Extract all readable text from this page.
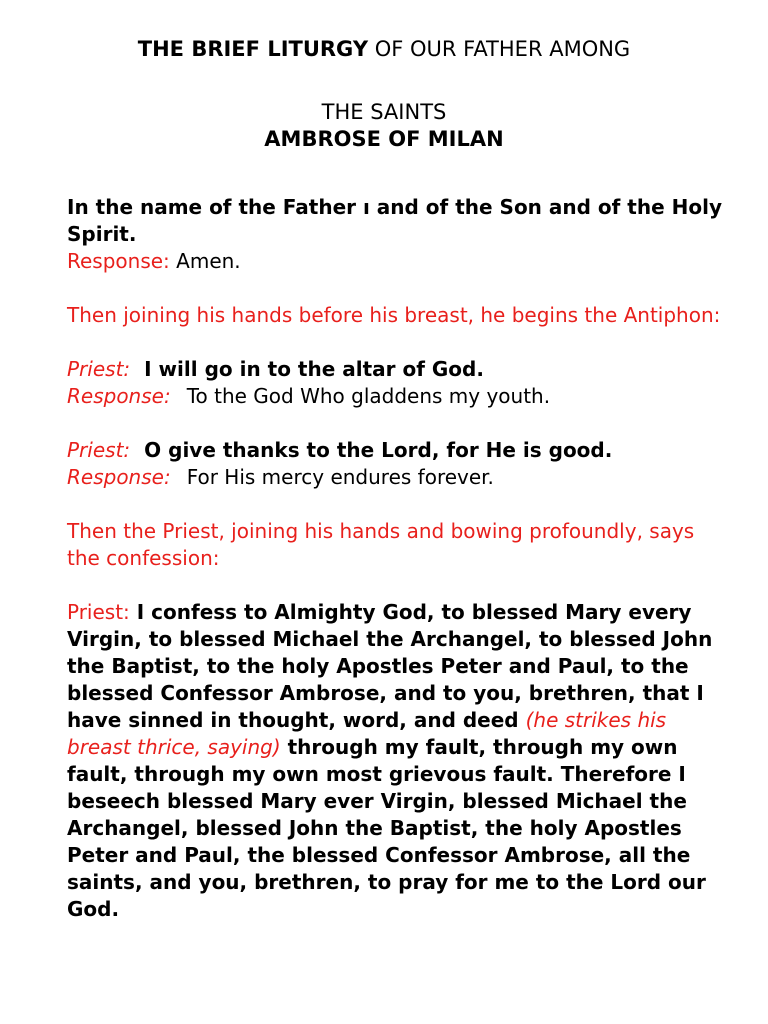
THE BRIEF LITURGY OF OUR FATHER AMONG
THE SAINTS
AMBROSE OF MILAN

In the name of the Father ı and of the Son and of the Holy Spirit.

Response: Amen.

Then joining his hands before his breast, he begins the Antiphon:

Priest: I will go in to the altar of God.

Response: To the God Who gladdens my youth.

Priest: O give thanks to the Lord, for He is good.

Response: For His mercy endures forever.

Then the Priest, joining his hands and bowing profoundly, says the confession:

Priest: I confess to Almighty God, to blessed Mary every Virgin, to blessed Michael the Archangel, to blessed John the Baptist, to the holy Apostles Peter and Paul, to the blessed Confessor Ambrose, and to you, brethren, that I have sinned in thought, word, and deed (he strikes his breast thrice, saying) through my fault, through my own fault, through my own most grievous fault. Therefore I beseech blessed Mary ever Virgin, blessed Michael the Archangel, blessed John the Baptist, the holy Apostles Peter and Paul, the blessed Confessor Ambrose, all the saints, and you, brethren, to pray for me to the Lord our God.
